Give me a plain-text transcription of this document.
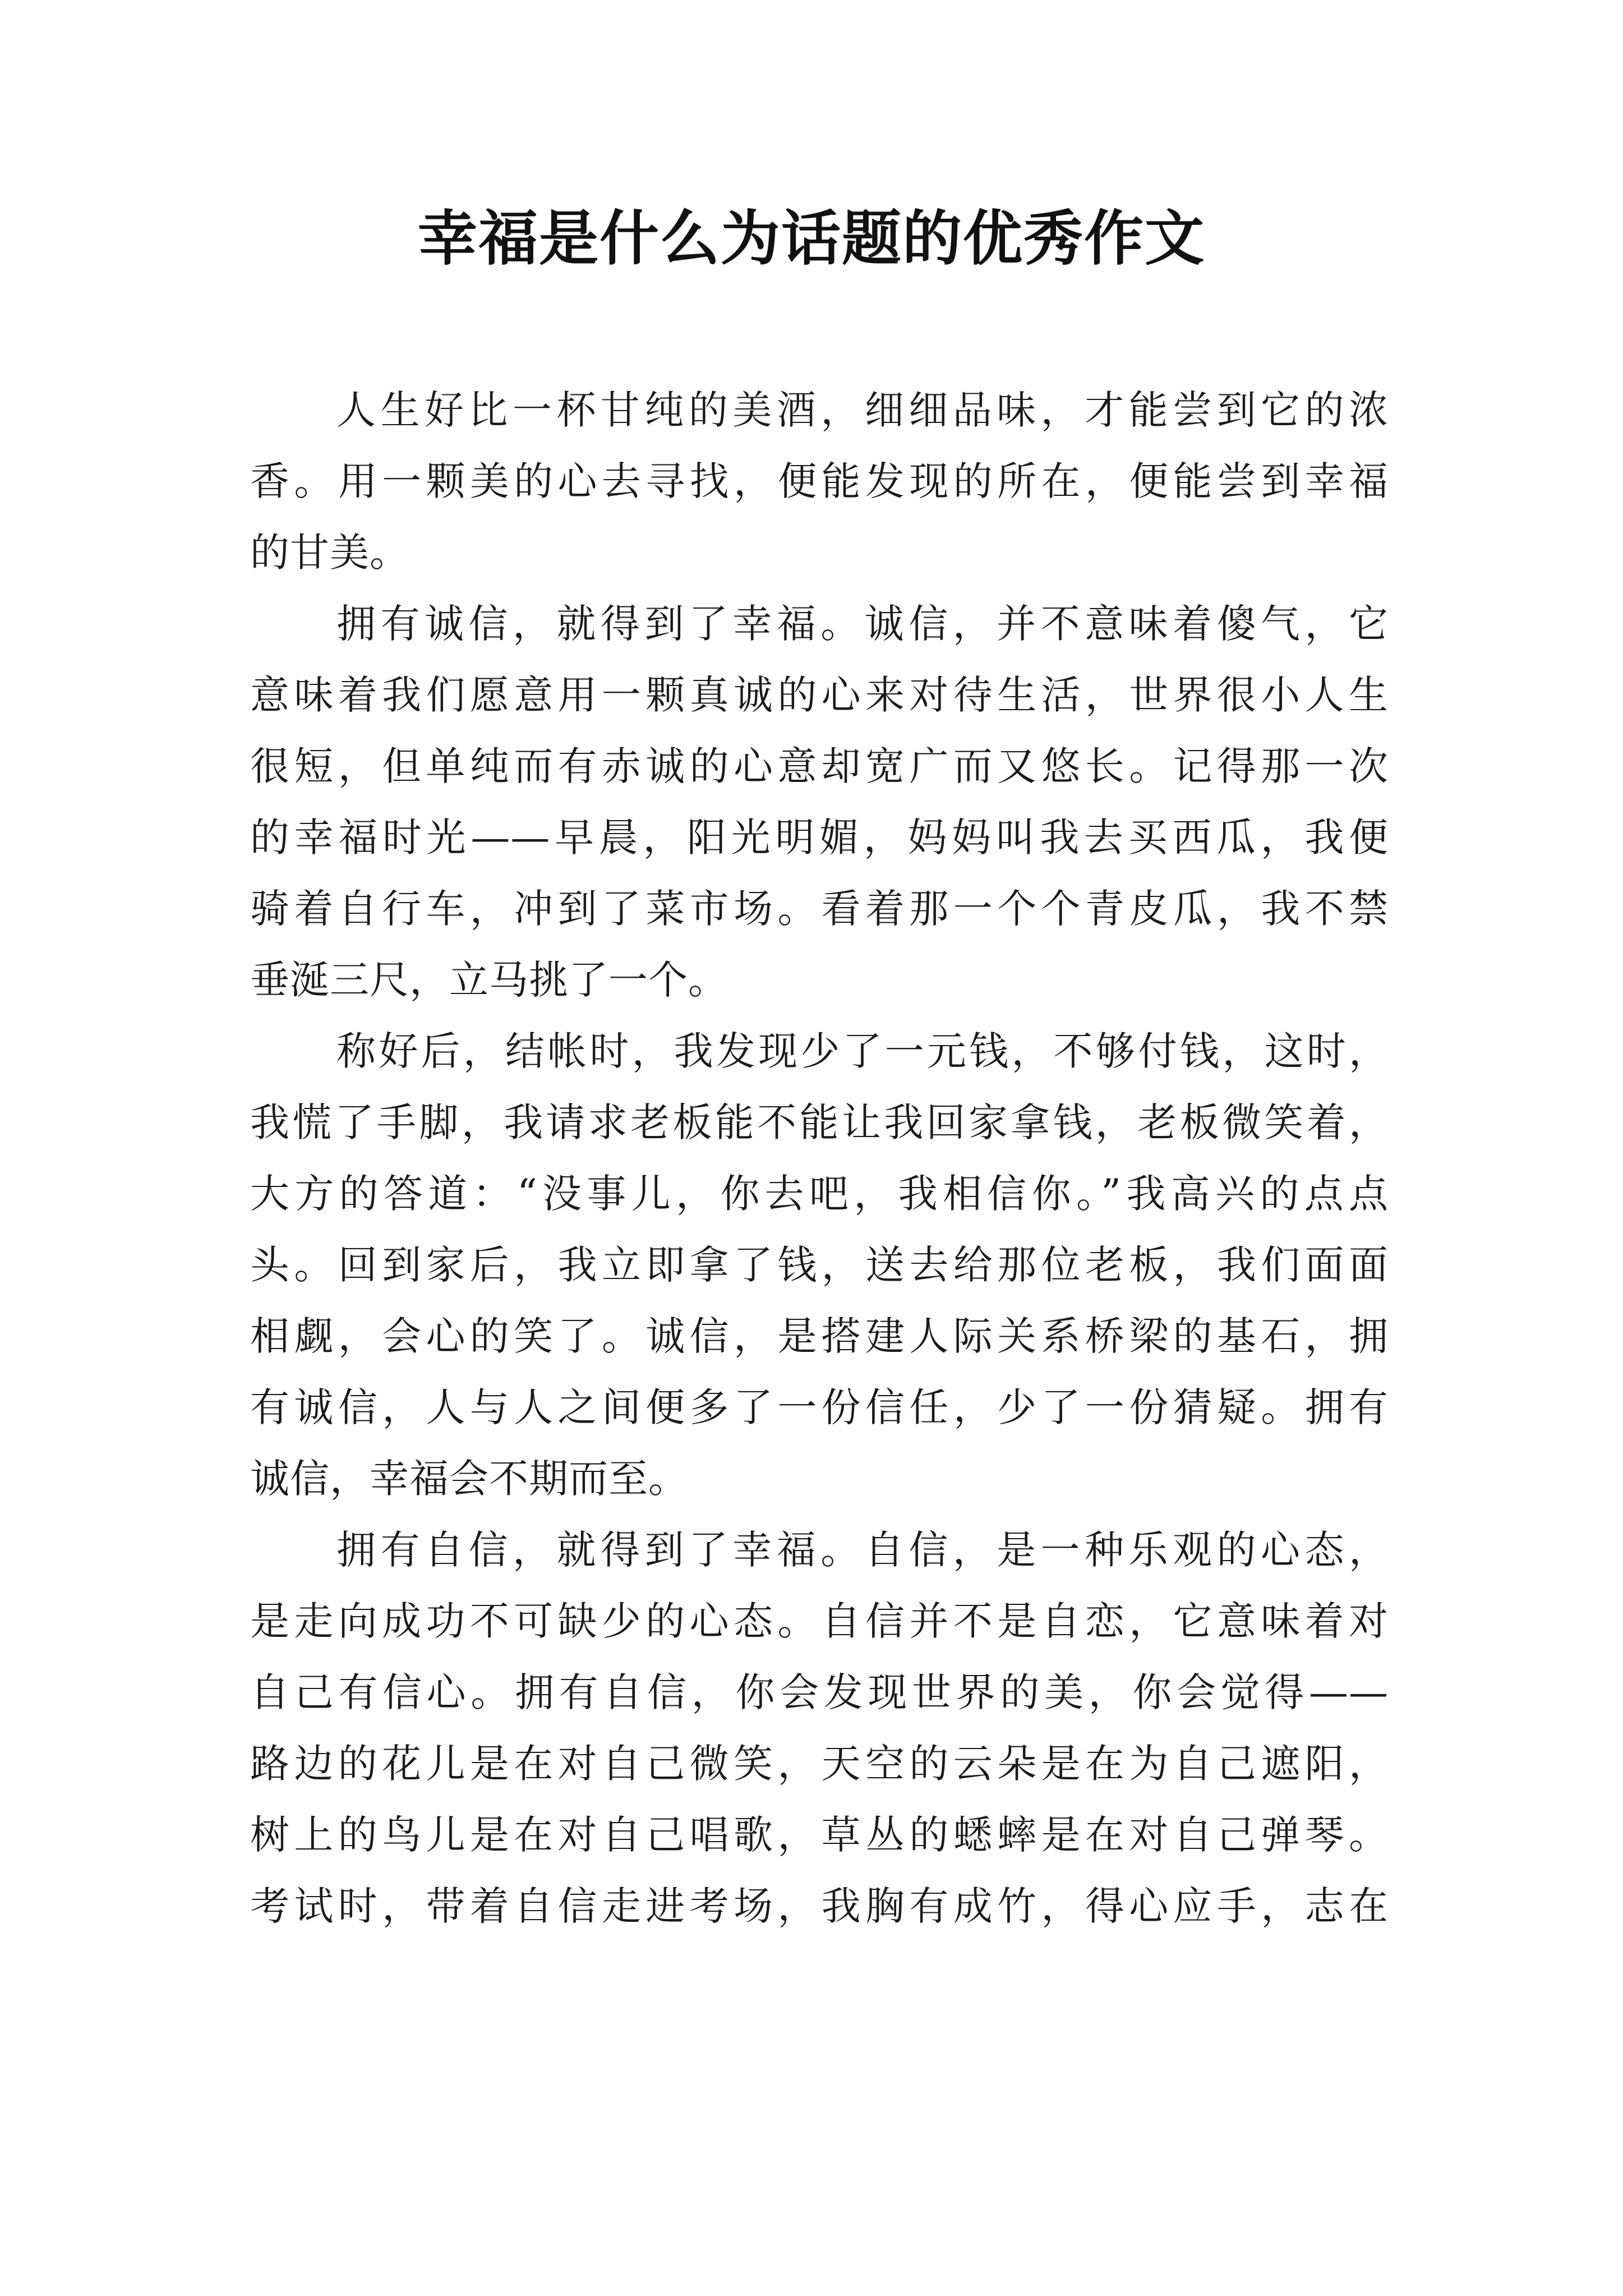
幸福是什么为话题的优秀作文
人生好比一杯甘纯的美酒，细细品味，才能尝到它的浓
香。用一颗美的心去寻找，便能发现的所在，便能尝到幸福
的甘美。
拥有诚信，就得到了幸福。诚信，并不意味着傻气，它
意味着我们愿意用一颗真诚的心来对待生活，世界很小人生
很短，但单纯而有赤诚的心意却宽广而又悠长。记得那一次
的幸福时光——早晨，阳光明媚，妈妈叫我去买西瓜，我便
骑着自行车，冲到了菜市场。看着那一个个青皮瓜，我不禁
垂涎三尺，立马挑了一个。
称好后，结帐时，我发现少了一元钱，不够付钱，这时，
我慌了手脚，我请求老板能不能让我回家拿钱，老板微笑着，
大方的答道：“没事儿，你去吧，我相信你。”我高兴的点点
头。回到家后，我立即拿了钱，送去给那位老板，我们面面
相觑，会心的笑了。诚信，是搭建人际关系桥梁的基石，拥
有诚信，人与人之间便多了一份信任，少了一份猜疑。拥有
诚信，幸福会不期而至。
拥有自信，就得到了幸福。自信，是一种乐观的心态，
是走向成功不可缺少的心态。自信并不是自恋，它意味着对
自己有信心。拥有自信，你会发现世界的美，你会觉得——
路边的花儿是在对自己微笑，天空的云朵是在为自己遮阳，
树上的鸟儿是在对自己唱歌，草丛的蟋蟀是在对自己弹琴。
考试时，带着自信走进考场，我胸有成竹，得心应手，志在
